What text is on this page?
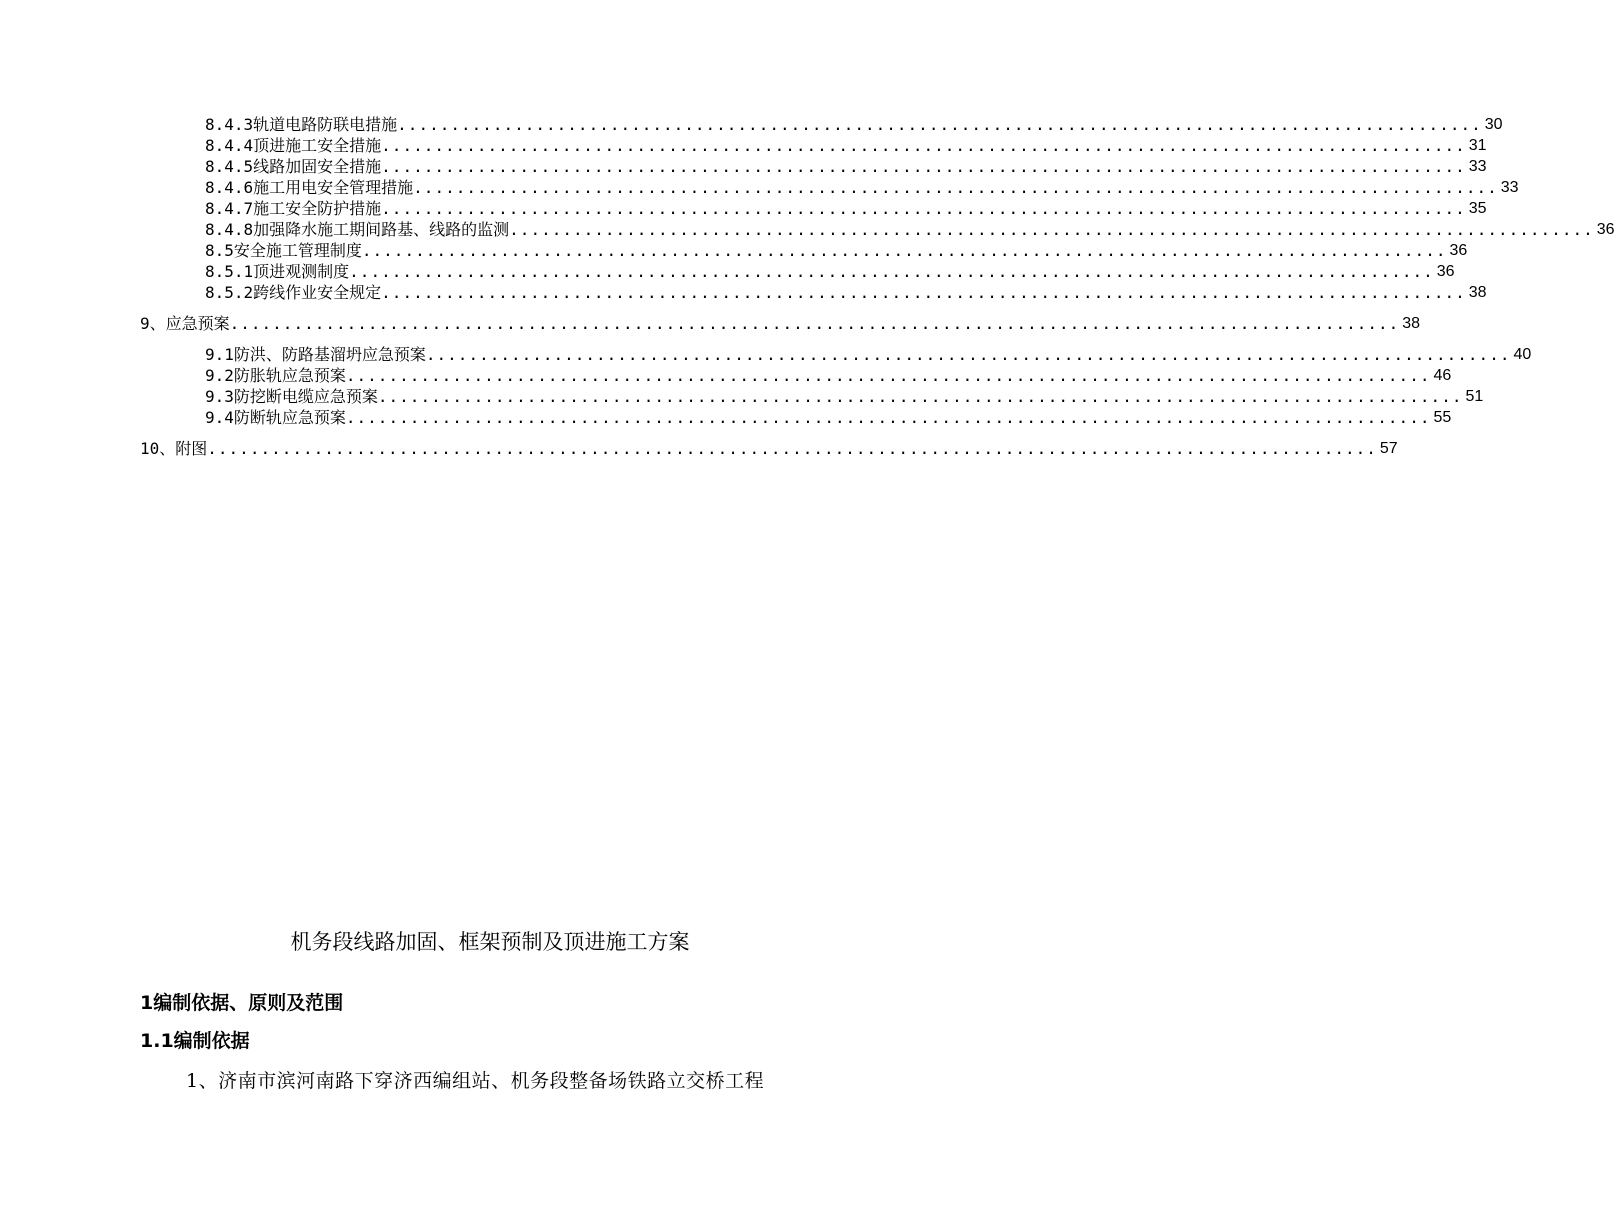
8.4.3轨道电路防联电措施 ...................................................................................................... 30
8.4.4顶进施工安全措施 ...................................................................................................... 31
8.4.5线路加固安全措施 ...................................................................................................... 33
8.4.6施工用电安全管理措施 ...................................................................................................... 33
8.4.7施工安全防护措施 ...................................................................................................... 35
8.4.8加强降水施工期间路基、线路的监测 ...................................................................................................... 36
8.5安全施工管理制度 ...................................................................................................... 36
8.5.1顶进观测制度 ...................................................................................................... 36
8.5.2跨线作业安全规定 ...................................................................................................... 38
9、应急预案 .............................................................................................................. 38
9.1防洪、防路基溜坍应急预案 ...................................................................................................... 40
9.2防胀轨应急预案 ...................................................................................................... 46
9.3防挖断电缆应急预案 ...................................................................................................... 51
9.4防断轨应急预案 ...................................................................................................... 55
10、附图 .............................................................................................................. 57
机务段线路加固、框架预制及顶进施工方案
1编制依据、原则及范围
1.1编制依据

1、济南市滨河南路下穿济西编组站、机务段整备场铁路立交桥工程
